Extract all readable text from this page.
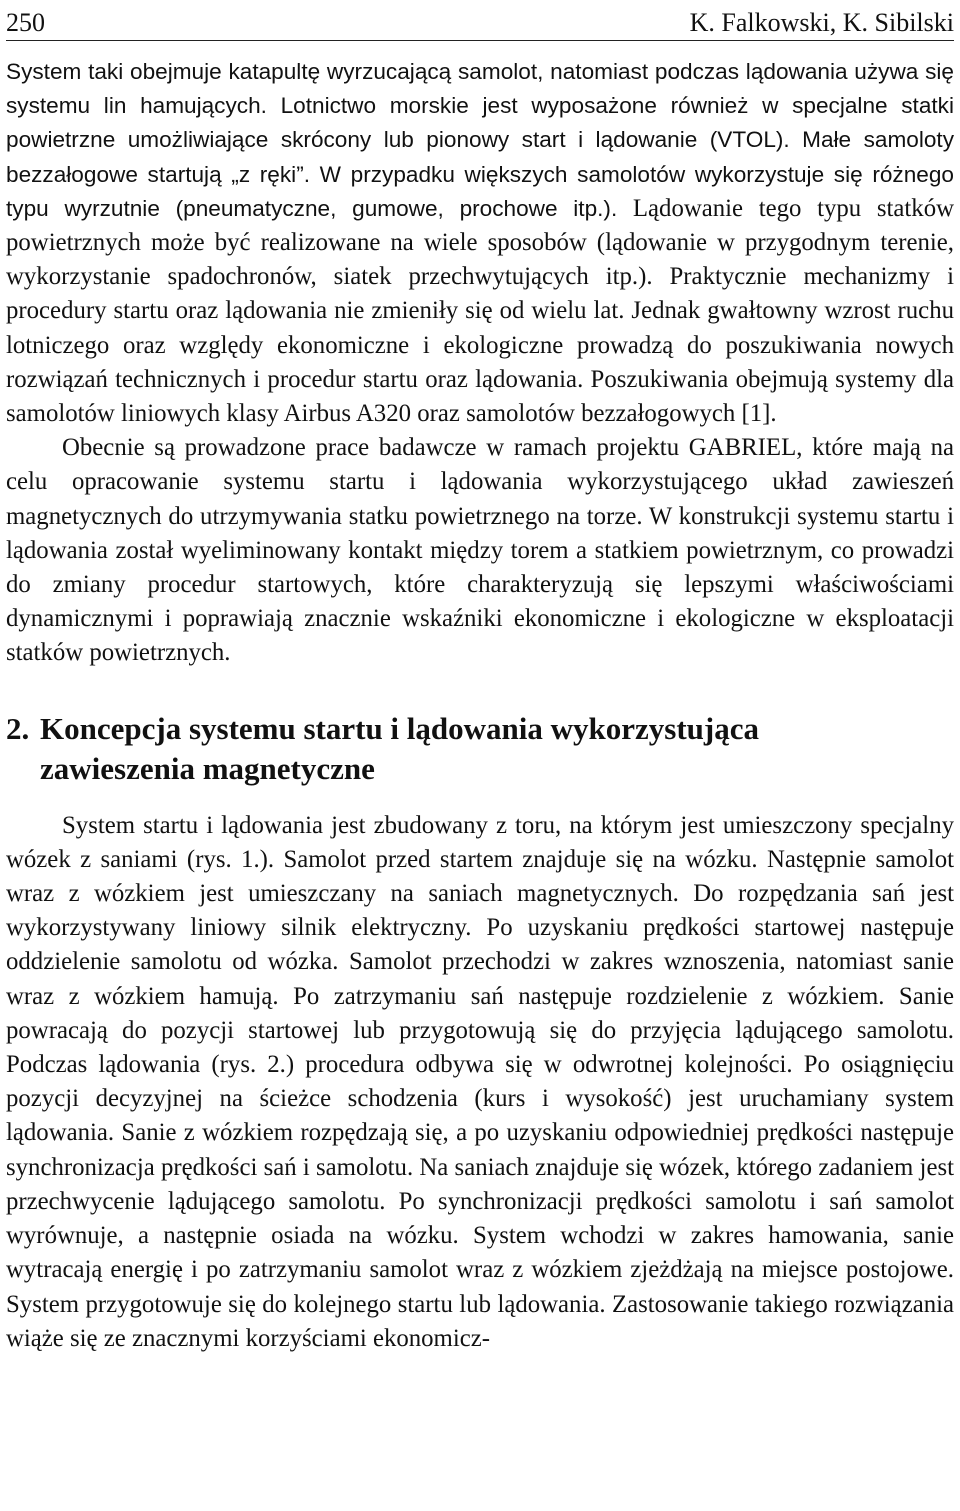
250	K. Falkowski, K. Sibilski

System taki obejmuje katapultę wyrzucającą samolot, natomiast podczas lądowania używa się systemu lin hamujących. Lotnictwo morskie jest wyposażone również w specjalne statki powietrzne umożliwiające skrócony lub pionowy start i lądowanie (VTOL). Małe samoloty bezzałogowe startują „z ręki”. W przypadku większych samolotów wykorzystuje się różnego typu wyrzutnie (pneumatyczne, gumowe, prochowe itp.). Lądowanie tego typu statków powietrznych może być realizowane na wiele sposobów (lądowanie w przygodnym terenie, wykorzystanie spadochronów, siatek przechwytujących itp.). Praktycznie mechanizmy i procedury startu oraz lądowania nie zmieniły się od wielu lat. Jednak gwałtowny wzrost ruchu lotniczego oraz względy ekonomiczne i ekologiczne prowadzą do poszukiwania nowych rozwiązań technicznych i procedur startu oraz lądowania. Poszukiwania obejmują systemy dla samolotów liniowych klasy Airbus A320 oraz samolotów bezzałogowych [1].

Obecnie są prowadzone prace badawcze w ramach projektu GABRIEL, które mają na celu opracowanie systemu startu i lądowania wykorzystującego układ zawieszeń magnetycznych do utrzymywania statku powietrznego na torze. W konstrukcji systemu startu i lądowania został wyeliminowany kontakt między torem a statkiem powietrznym, co prowadzi do zmiany procedur startowych, które charakteryzują się lepszymi właściwościami dynamicznymi i poprawiają znacznie wskaźniki ekonomiczne i ekologiczne w eksploatacji statków powietrznych.

2. Koncepcja systemu startu i lądowania wykorzystująca zawieszenia magnetyczne

System startu i lądowania jest zbudowany z toru, na którym jest umieszczony specjalny wózek z saniami (rys. 1.). Samolot przed startem znajduje się na wózku. Następnie samolot wraz z wózkiem jest umieszczany na saniach magnetycznych. Do rozpędzania sań jest wykorzystywany liniowy silnik elektryczny. Po uzyskaniu prędkości startowej następuje oddzielenie samolotu od wózka. Samolot przechodzi w zakres wznoszenia, natomiast sanie wraz z wózkiem hamują. Po zatrzymaniu sań następuje rozdzielenie z wózkiem. Sanie powracają do pozycji startowej lub przygotowują się do przyjęcia lądującego samolotu. Podczas lądowania (rys. 2.) procedura odbywa się w odwrotnej kolejności. Po osiągnięciu pozycji decyzyjnej na ścieżce schodzenia (kurs i wysokość) jest uruchamiany system lądowania. Sanie z wózkiem rozpędzają się, a po uzyskaniu odpowiedniej prędkości następuje synchronizacja prędkości sań i samolotu. Na saniach znajduje się wózek, którego zadaniem jest przechwycenie lądującego samolotu. Po synchronizacji prędkości samolotu i sań samolot wyrównuje, a następnie osiada na wózku. System wchodzi w zakres hamowania, sanie wytracają energię i po zatrzymaniu samolot wraz z wózkiem zjeżdżają na miejsce postojowe. System przygotowuje się do kolejnego startu lub lądowania. Zastosowanie takiego rozwiązania wiąże się ze znacznymi korzyściami ekonomicz-
